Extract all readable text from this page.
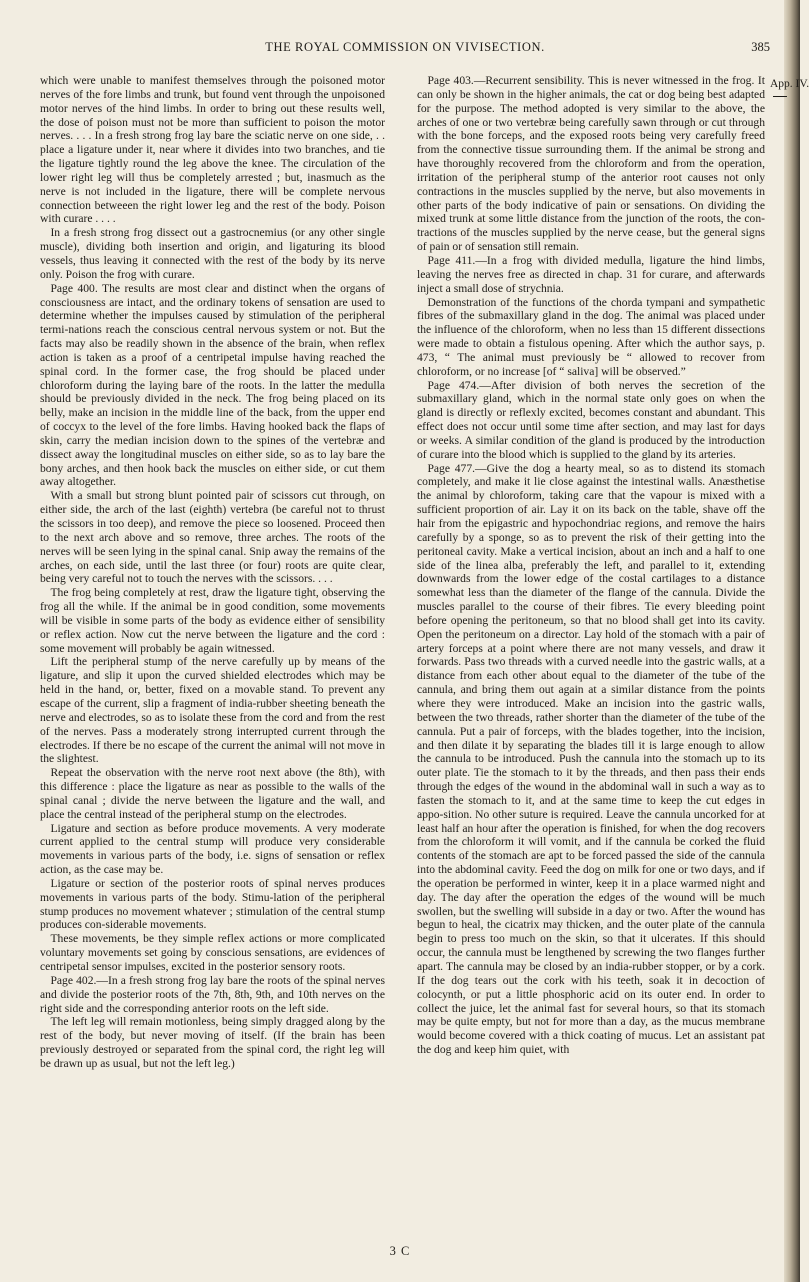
THE ROYAL COMMISSION ON VIVISECTION.	385
App. IV.

which were unable to manifest themselves through the poisoned motor nerves of the fore limbs and trunk, but found vent through the unpoisoned motor nerves of the hind limbs. In order to bring out these results well, the dose of poison must not be more than sufficient to poison the motor nerves. . . . In a fresh strong frog lay bare the sciatic nerve on one side, . . place a ligature under it, near where it divides into two branches, and tie the ligature tightly round the leg above the knee. The circulation of the lower right leg will thus be completely arrested ; but, inasmuch as the nerve is not included in the ligature, there will be complete nervous connection betweeen the right lower leg and the rest of the body. Poison with curare . . . .

In a fresh strong frog dissect out a gastrocnemius (or any other single muscle), dividing both insertion and origin, and ligaturing its blood vessels, thus leaving it connected with the rest of the body by its nerve only. Poison the frog with curare.

Page 400. The results are most clear and distinct when the organs of consciousness are intact, and the ordinary tokens of sensation are used to determine whether the impulses caused by stimulation of the peripheral termi-nations reach the conscious central nervous system or not. But the facts may also be readily shown in the absence of the brain, when reflex action is taken as a proof of a centripetal impulse having reached the spinal cord. In the former case, the frog should be placed under chloroform during the laying bare of the roots. In the latter the medulla should be previously divided in the neck. The frog being placed on its belly, make an incision in the middle line of the back, from the upper end of coccyx to the level of the fore limbs. Having hooked back the flaps of skin, carry the median incision down to the spines of the vertebræ and dissect away the longitudinal muscles on either side, so as to lay bare the bony arches, and then hook back the muscles on either side, or cut them away altogether.

With a small but strong blunt pointed pair of scissors cut through, on either side, the arch of the last (eighth) vertebra (be careful not to thrust the scissors in too deep), and remove the piece so loosened. Proceed then to the next arch above and so remove, three arches. The roots of the nerves will be seen lying in the spinal canal. Snip away the remains of the arches, on each side, until the last three (or four) roots are quite clear, being very careful not to touch the nerves with the scissors. . . .

The frog being completely at rest, draw the ligature tight, observing the frog all the while. If the animal be in good condition, some movements will be visible in some parts of the body as evidence either of sensibility or reflex action. Now cut the nerve between the ligature and the cord : some movement will probably be again witnessed.

Lift the peripheral stump of the nerve carefully up by means of the ligature, and slip it upon the curved shielded electrodes which may be held in the hand, or, better, fixed on a movable stand. To prevent any escape of the current, slip a fragment of india-rubber sheeting beneath the nerve and electrodes, so as to isolate these from the cord and from the rest of the nerves. Pass a moderately strong interrupted current through the electrodes. If there be no escape of the current the animal will not move in the slightest.

Repeat the observation with the nerve root next above (the 8th), with this difference : place the ligature as near as possible to the walls of the spinal canal ; divide the nerve between the ligature and the wall, and place the central instead of the peripheral stump on the electrodes.

Ligature and section as before produce movements. A very moderate current applied to the central stump will produce very considerable movements in various parts of the body, i.e. signs of sensation or reflex action, as the case may be.

Ligature or section of the posterior roots of spinal nerves produces movements in various parts of the body. Stimu-lation of the peripheral stump produces no movement whatever ; stimulation of the central stump produces con-siderable movements.

These movements, be they simple reflex actions or more complicated voluntary movements set going by conscious sensations, are evidences of centripetal sensor impulses, excited in the posterior sensory roots.

Page 402.—In a fresh strong frog lay bare the roots of the spinal nerves and divide the posterior roots of the 7th, 8th, 9th, and 10th nerves on the right side and the corresponding anterior roots on the left side.

The left leg will remain motionless, being simply dragged along by the rest of the body, but never moving of itself. (If the brain has been previously destroyed or separated from the spinal cord, the right leg will be drawn up as usual, but not the left leg.)

Page 403.—Recurrent sensibility. This is never witnessed in the frog. It can only be shown in the higher animals, the cat or dog being best adapted for the purpose. The method adopted is very similar to the above, the arches of one or two vertebræ being carefully sawn through or cut through with the bone forceps, and the exposed roots being very carefully freed from the connective tissue surrounding them. If the animal be strong and have thoroughly recovered from the chloroform and from the operation, irritation of the peripheral stump of the anterior root causes not only contractions in the muscles supplied by the nerve, but also movements in other parts of the body indicative of pain or sensations. On dividing the mixed trunk at some little distance from the junction of the roots, the con-tractions of the muscles supplied by the nerve cease, but the general signs of pain or of sensation still remain.

Page 411.—In a frog with divided medulla, ligature the hind limbs, leaving the nerves free as directed in chap. 31 for curare, and afterwards inject a small dose of strychnia.

Demonstration of the functions of the chorda tympani and sympathetic fibres of the submaxillary gland in the dog. The animal was placed under the influence of the chloroform, when no less than 15 different dissections were made to obtain a fistulous opening. After which the author says, p. 473, “ The animal must previously be “ allowed to recover from chloroform, or no increase [of “ saliva] will be observed.”

Page 474.—After division of both nerves the secretion of the submaxillary gland, which in the normal state only goes on when the gland is directly or reflexly excited, becomes constant and abundant. This effect does not occur until some time after section, and may last for days or weeks. A similar condition of the gland is produced by the introduction of curare into the blood which is supplied to the gland by its arteries.

Page 477.—Give the dog a hearty meal, so as to distend its stomach completely, and make it lie close against the intestinal walls. Anæsthetise the animal by chloroform, taking care that the vapour is mixed with a sufficient proportion of air. Lay it on its back on the table, shave off the hair from the epigastric and hypochondriac regions, and remove the hairs carefully by a sponge, so as to prevent the risk of their getting into the peritoneal cavity. Make a vertical incision, about an inch and a half to one side of the linea alba, preferably the left, and parallel to it, extending downwards from the lower edge of the costal cartilages to a distance somewhat less than the diameter of the flange of the cannula. Divide the muscles parallel to the course of their fibres. Tie every bleeding point before opening the peritoneum, so that no blood shall get into its cavity. Open the peritoneum on a director. Lay hold of the stomach with a pair of artery forceps at a point where there are not many vessels, and draw it forwards. Pass two threads with a curved needle into the gastric walls, at a distance from each other about equal to the diameter of the tube of the cannula, and bring them out again at a similar distance from the points where they were introduced. Make an incision into the gastric walls, between the two threads, rather shorter than the diameter of the tube of the cannula. Put a pair of forceps, with the blades together, into the incision, and then dilate it by separating the blades till it is large enough to allow the cannula to be introduced. Push the cannula into the stomach up to its outer plate. Tie the stomach to it by the threads, and then pass their ends through the edges of the wound in the abdominal wall in such a way as to fasten the stomach to it, and at the same time to keep the cut edges in appo-sition. No other suture is required. Leave the cannula uncorked for at least half an hour after the operation is finished, for when the dog recovers from the chloroform it will vomit, and if the cannula be corked the fluid contents of the stomach are apt to be forced passed the side of the cannula into the abdominal cavity. Feed the dog on milk for one or two days, and if the operation be performed in winter, keep it in a place warmed night and day. The day after the operation the edges of the wound will be much swollen, but the swelling will subside in a day or two. After the wound has begun to heal, the cicatrix may thicken, and the outer plate of the cannula begin to press too much on the skin, so that it ulcerates. If this should occur, the cannula must be lengthened by screwing the two flanges further apart. The cannula may be closed by an india-rubber stopper, or by a cork. If the dog tears out the cork with his teeth, soak it in decoction of colocynth, or put a little phosphoric acid on its outer end. In order to collect the juice, let the animal fast for several hours, so that its stomach may be quite empty, but not for more than a day, as the mucus membrane would become covered with a thick coating of mucus. Let an assistant pat the dog and keep him quiet, with

3 C
